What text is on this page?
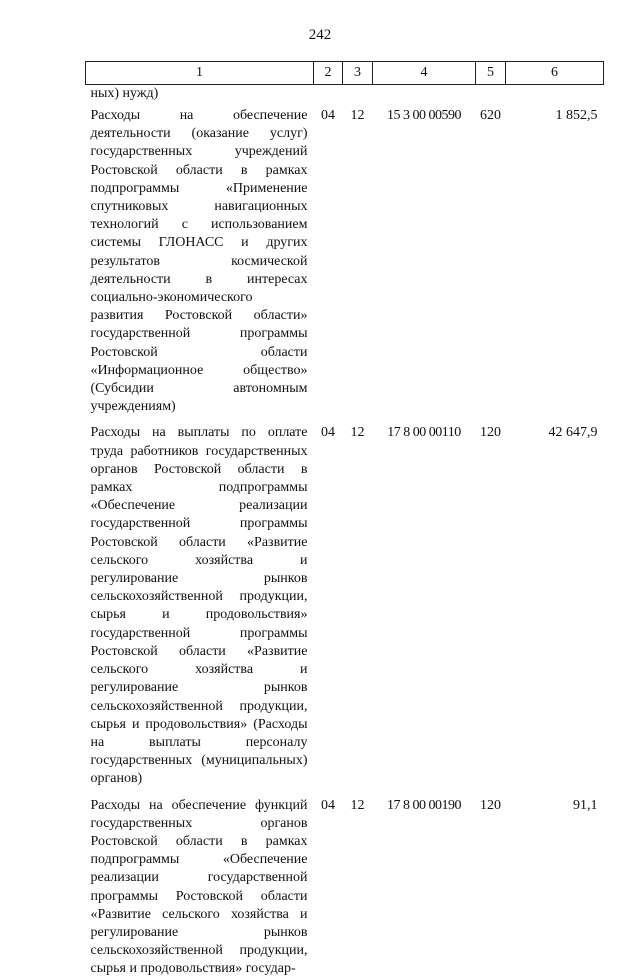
242
1	2	3	4	5	6
ных) нужд)					
Расходы на обеспечение деятельности (оказание услуг) государственных учреждений Ростовской области в рамках подпрограммы «Применение спутниковых навигационных технологий с использованием системы ГЛОНАСС и других результатов космической деятельности в интересах социально-экономического развития Ростовской области» государственной программы Ростовской области «Информационное общество» (Субсидии автономным учреждениям)	04	12	15 3 00 00590	620	1 852,5
Расходы на выплаты по оплате труда работников государственных органов Ростовской области в рамках подпрограммы «Обеспечение реализации государственной программы Ростовской области «Развитие сельского хозяйства и регулирование рынков сельскохозяйственной продукции, сырья и продовольствия» государственной программы Ростовской области «Развитие сельского хозяйства и регулирование рынков сельскохозяйственной продукции, сырья и продовольствия» (Расходы на выплаты персоналу государственных (муниципальных) органов)	04	12	17 8 00 00110	120	42 647,9
Расходы на обеспечение функций государственных органов Ростовской области в рамках подпрограммы «Обеспечение реализации государственной программы Ростовской области «Развитие сельского хозяйства и регулирование рынков сельскохозяйственной продукции, сырья и продовольствия» государ-	04	12	17 8 00 00190	120	91,1
